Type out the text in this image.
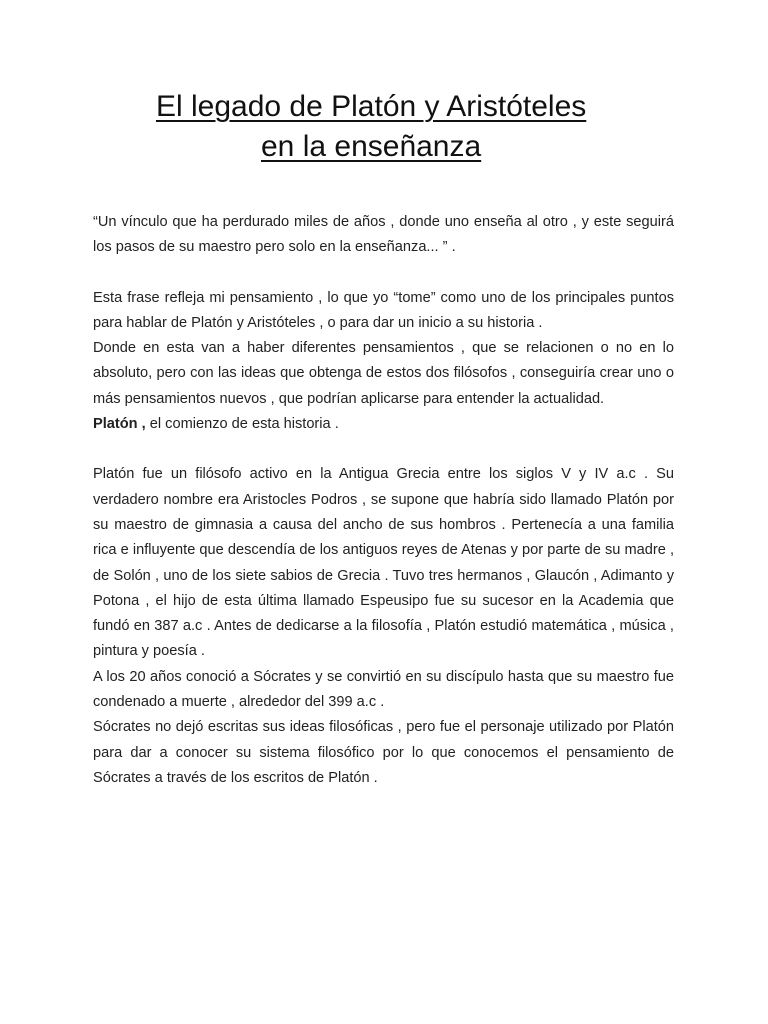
El legado de Platón y Aristóteles
en la enseñanza

“Un vínculo que ha perdurado miles de años , donde uno enseña al otro , y este seguirá los pasos de su maestro pero solo en la enseñanza... ” .

Esta frase refleja mi pensamiento , lo que yo “tome” como uno de los principales puntos para hablar de Platón y Aristóteles , o para dar un inicio a su historia .

Donde en esta van a haber diferentes pensamientos , que se relacionen o no en lo absoluto, pero con las ideas que obtenga de estos dos filósofos , conseguiría crear uno o más pensamientos nuevos , que podrían aplicarse para entender la actualidad.

Platón , el comienzo de esta historia .

Platón fue un filósofo activo en la Antigua Grecia entre los siglos V y IV a.c . Su verdadero nombre era Aristocles Podros , se supone que habría sido llamado Platón por su maestro de gimnasia a causa del ancho de sus hombros . Pertenecía a una familia rica e influyente que descendía de los antiguos reyes de Atenas y por parte de su madre , de Solón , uno de los siete sabios de Grecia . Tuvo tres hermanos , Glaucón , Adimanto y Potona , el hijo de esta última llamado Espeusipo fue su sucesor en la Academia que fundó en 387 a.c . Antes de dedicarse a la filosofía , Platón estudió matemática , música , pintura y poesía .

A los 20 años conoció a Sócrates y se convirtió en su discípulo hasta que su maestro fue condenado a muerte , alrededor del 399 a.c .

Sócrates no dejó escritas sus ideas filosóficas , pero fue el personaje utilizado por Platón para dar a conocer su sistema filosófico por lo que conocemos el pensamiento de Sócrates a través de los escritos de Platón .
